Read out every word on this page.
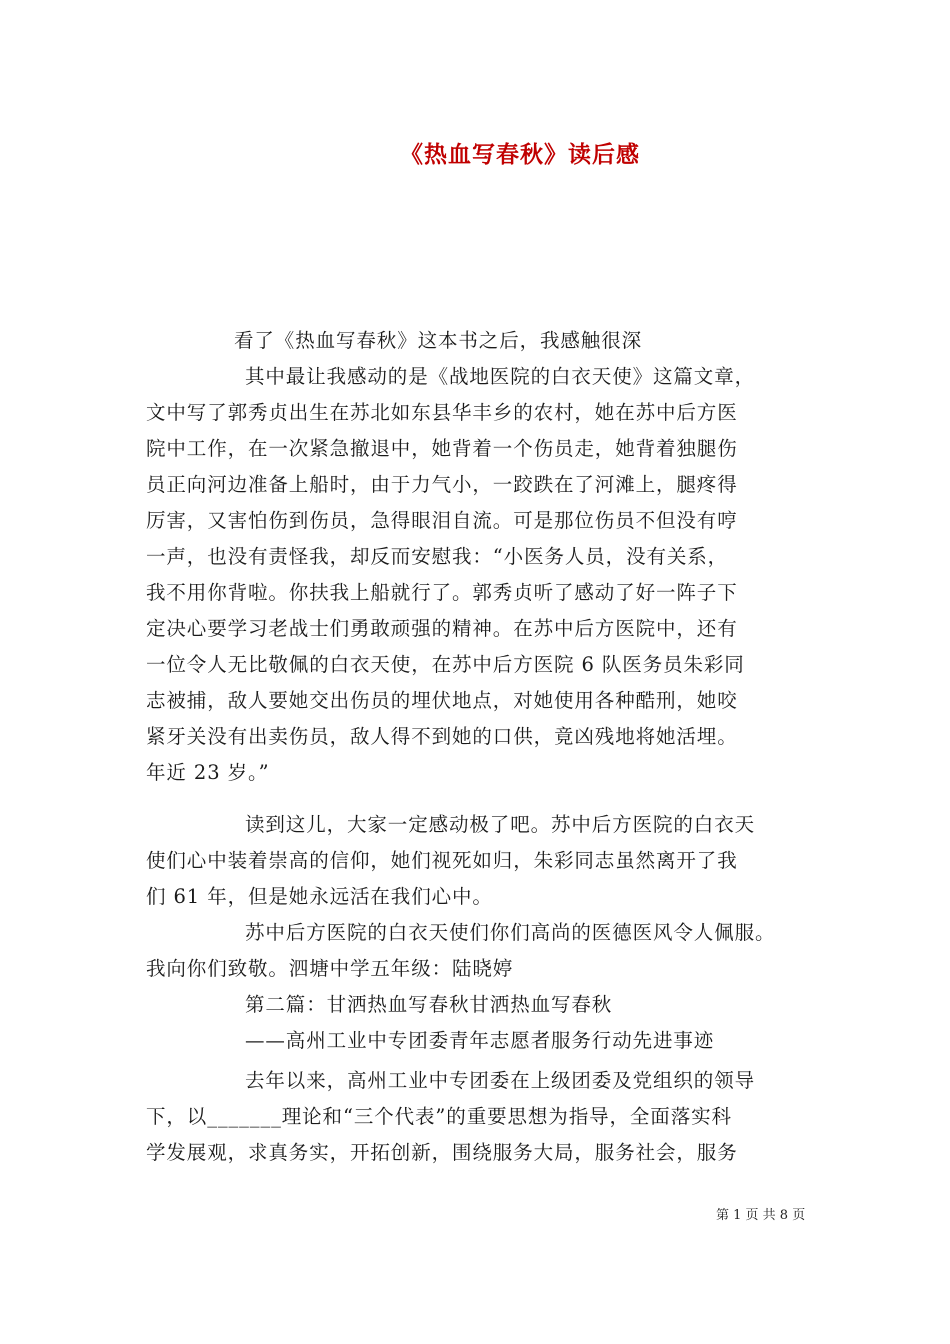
《热血写春秋》读后感
看了《热血写春秋》这本书之后，我感触很深
其中最让我感动的是《战地医院的白衣天使》这篇文章，
文中写了郭秀贞出生在苏北如东县华丰乡的农村，她在苏中后方医
院中工作，在一次紧急撤退中，她背着一个伤员走，她背着独腿伤
员正向河边准备上船时，由于力气小，一跤跌在了河滩上，腿疼得
厉害，又害怕伤到伤员，急得眼泪自流。可是那位伤员不但没有哼
一声，也没有责怪我，却反而安慰我：“小医务人员，没有关系，
我不用你背啦。你扶我上船就行了。郭秀贞听了感动了好一阵子下
定决心要学习老战士们勇敢顽强的精神。在苏中后方医院中，还有
一位令人无比敬佩的白衣天使，在苏中后方医院 6 队医务员朱彩同
志被捕，敌人要她交出伤员的埋伏地点，对她使用各种酷刑，她咬
紧牙关没有出卖伤员，敌人得不到她的口供，竟凶残地将她活埋。
年近 23 岁。”
读到这儿，大家一定感动极了吧。苏中后方医院的白衣天
使们心中装着崇高的信仰，她们视死如归，朱彩同志虽然离开了我
们 61 年，但是她永远活在我们心中。
苏中后方医院的白衣天使们你们高尚的医德医风令人佩服。
我向你们致敬。泗塘中学五年级：陆晓婷
第二篇：甘洒热血写春秋甘洒热血写春秋
——高州工业中专团委青年志愿者服务行动先进事迹
去年以来，高州工业中专团委在上级团委及党组织的领导
下，以_______理论和“三个代表”的重要思想为指导，全面落实科
学发展观，求真务实，开拓创新，围绕服务大局，服务社会，服务
第 1 页 共 8 页
